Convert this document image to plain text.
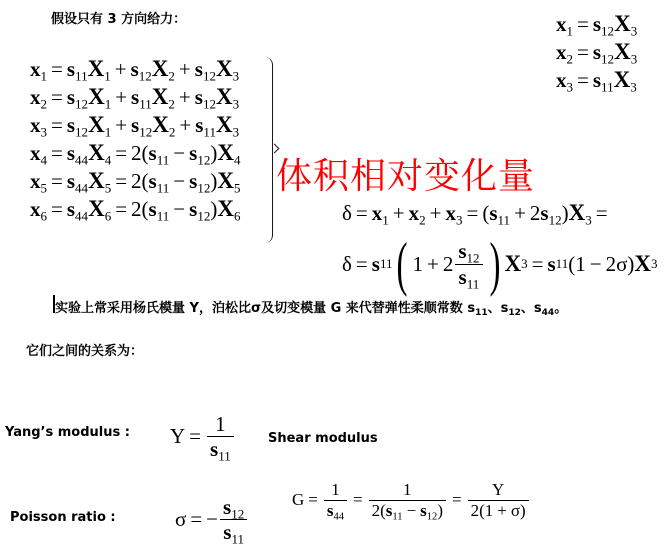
假设只有 3 方向给力：
$x_1 = s_{11}X_1 + s_{12}X_2 + s_{12}X_3$
$x_2 = s_{12}X_1 + s_{11}X_2 + s_{12}X_3$
$x_3 = s_{12}X_1 + s_{12}X_2 + s_{11}X_3$
$x_4 = s_{44}X_4 = 2(s_{11} - s_{12})X_4$
$x_5 = s_{44}X_5 = 2(s_{11} - s_{12})X_5$
$x_6 = s_{44}X_6 = 2(s_{11} - s_{12})X_6$
体积相对变化量
$x_1 = s_{12}X_3$
$x_2 = s_{12}X_3$
$x_3 = s_{11}X_3$
$\delta = x_1 + x_2 + x_3 = (s_{11} + 2s_{12})X_3$ =
δ = s 11 ( $1 + 2 \frac{s_{12}}{s_{11}}$ ) X 3 = s 11 (1 − 2σ) X 3
实验上常采用杨氏模量 Y，泊松比σ及切变模量 G 来代替弹性柔顺常数 $s_{11}$、$s_{12}$、$s_{44}$。
它们之间的关系为：
Yang’s modulus : $Y = \frac{1}{s_{11}}$	Shear modulus
$G = \frac{1}{s_{44}} = \frac{1}{2(s_{11} - s_{12})} = \frac{Y}{2(1 + \sigma)}$
Poisson ratio :	σ = − $\frac{s_{12}}{s_{11}}$
